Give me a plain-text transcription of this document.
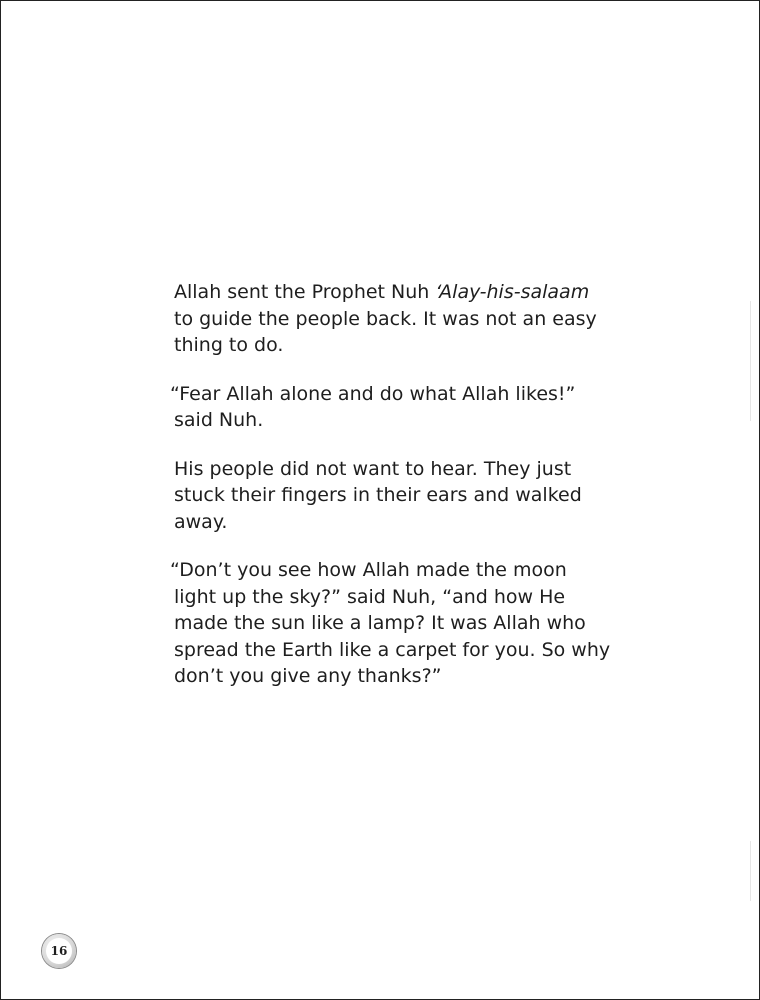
Allah sent the Prophet Nuh ‘Alay-his-salaam
to guide the people back. It was not an easy
thing to do.

“Fear Allah alone and do what Allah likes!”
said Nuh.

His people did not want to hear. They just
stuck their fingers in their ears and walked
away.

“Don’t you see how Allah made the moon
light up the sky?” said Nuh, “and how He
made the sun like a lamp? It was Allah who
spread the Earth like a carpet for you. So why
don’t you give any thanks?”

16
